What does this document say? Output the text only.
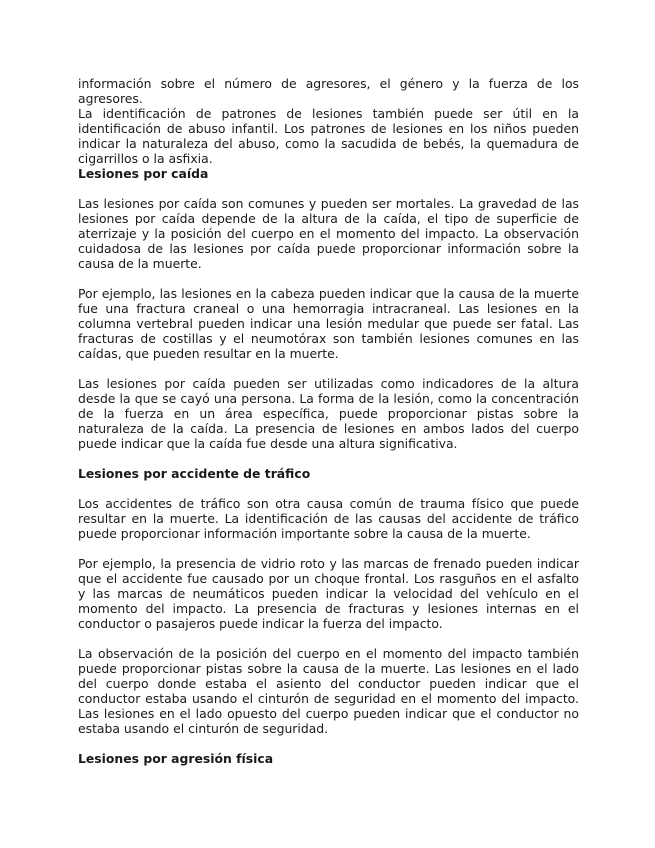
información sobre el número de agresores, el género y la fuerza de los agresores.

La identificación de patrones de lesiones también puede ser útil en la identificación de abuso infantil. Los patrones de lesiones en los niños pueden indicar la naturaleza del abuso, como la sacudida de bebés, la quemadura de cigarrillos o la asfixia.

Lesiones por caída

Las lesiones por caída son comunes y pueden ser mortales. La gravedad de las lesiones por caída depende de la altura de la caída, el tipo de superficie de aterrizaje y la posición del cuerpo en el momento del impacto. La observación cuidadosa de las lesiones por caída puede proporcionar información sobre la causa de la muerte.

Por ejemplo, las lesiones en la cabeza pueden indicar que la causa de la muerte fue una fractura craneal o una hemorragia intracraneal. Las lesiones en la columna vertebral pueden indicar una lesión medular que puede ser fatal. Las fracturas de costillas y el neumotórax son también lesiones comunes en las caídas, que pueden resultar en la muerte.

Las lesiones por caída pueden ser utilizadas como indicadores de la altura desde la que se cayó una persona. La forma de la lesión, como la concentración de la fuerza en un área específica, puede proporcionar pistas sobre la naturaleza de la caída. La presencia de lesiones en ambos lados del cuerpo puede indicar que la caída fue desde una altura significativa.

Lesiones por accidente de tráfico

Los accidentes de tráfico son otra causa común de trauma físico que puede resultar en la muerte. La identificación de las causas del accidente de tráfico puede proporcionar información importante sobre la causa de la muerte.

Por ejemplo, la presencia de vidrio roto y las marcas de frenado pueden indicar que el accidente fue causado por un choque frontal. Los rasguños en el asfalto y las marcas de neumáticos pueden indicar la velocidad del vehículo en el momento del impacto. La presencia de fracturas y lesiones internas en el conductor o pasajeros puede indicar la fuerza del impacto.

La observación de la posición del cuerpo en el momento del impacto también puede proporcionar pistas sobre la causa de la muerte. Las lesiones en el lado del cuerpo donde estaba el asiento del conductor pueden indicar que el conductor estaba usando el cinturón de seguridad en el momento del impacto. Las lesiones en el lado opuesto del cuerpo pueden indicar que el conductor no estaba usando el cinturón de seguridad.

Lesiones por agresión física
